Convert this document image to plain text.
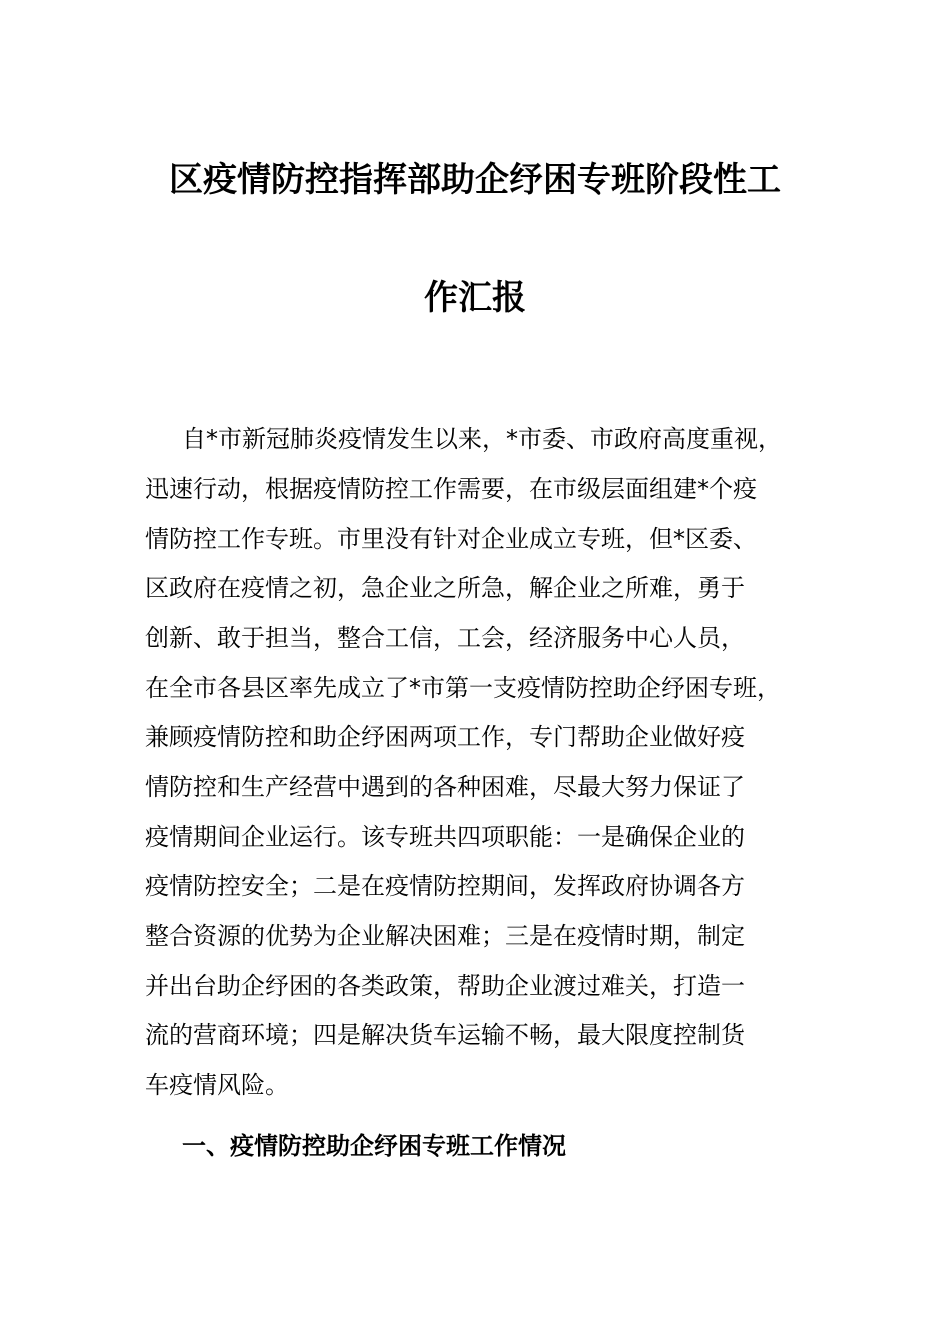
区疫情防控指挥部助企纾困专班阶段性工
作汇报
自*市新冠肺炎疫情发生以来，*市委、市政府高度重视，
迅速行动，根据疫情防控工作需要，在市级层面组建*个疫
情防控工作专班。市里没有针对企业成立专班，但*区委、
区政府在疫情之初，急企业之所急，解企业之所难，勇于
创新、敢于担当，整合工信，工会，经济服务中心人员，
在全市各县区率先成立了*市第一支疫情防控助企纾困专班，
兼顾疫情防控和助企纾困两项工作，专门帮助企业做好疫
情防控和生产经营中遇到的各种困难，尽最大努力保证了
疫情期间企业运行。该专班共四项职能：一是确保企业的
疫情防控安全；二是在疫情防控期间，发挥政府协调各方
整合资源的优势为企业解决困难；三是在疫情时期，制定
并出台助企纾困的各类政策，帮助企业渡过难关，打造一
流的营商环境；四是解决货车运输不畅，最大限度控制货
车疫情风险。
一、疫情防控助企纾困专班工作情况
